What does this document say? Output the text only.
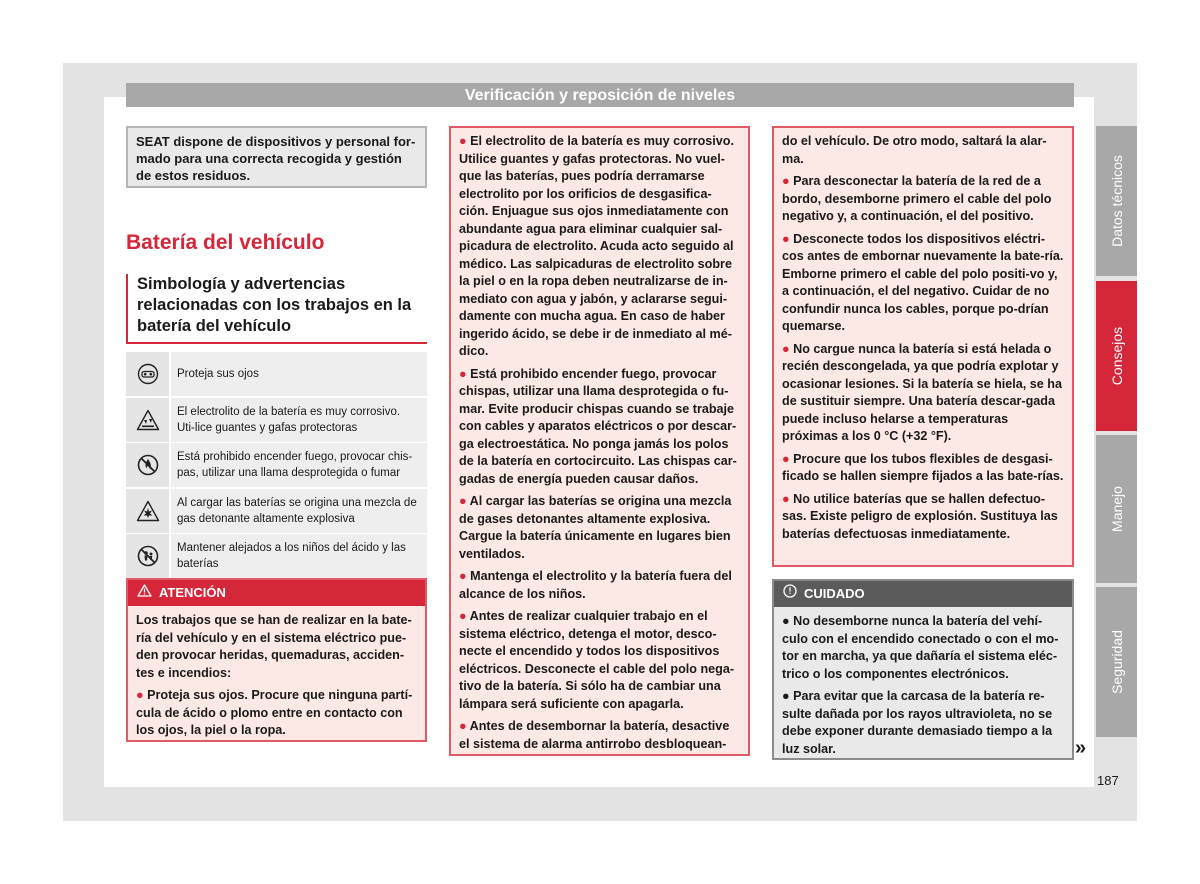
Verificación y reposición de niveles
Datos técnicos
Consejos
Manejo
Seguridad
SEAT dispone de dispositivos y personal for-mado para una correcta recogida y gestión de estos residuos.
Batería del vehículo
Simbología y advertencias relacionadas con los trabajos en la batería del vehículo
Proteja sus ojos
El electrolito de la batería es muy corrosivo. Uti-lice guantes y gafas protectoras
Está prohibido encender fuego, provocar chis-pas, utilizar una llama desprotegida o fumar
Al cargar las baterías se origina una mezcla de gas detonante altamente explosiva
Mantener alejados a los niños del ácido y las baterías
ATENCIÓN

Los trabajos que se han de realizar en la bate-ría del vehículo y en el sistema eléctrico pue-den provocar heridas, quemaduras, acciden-tes e incendios:

● Proteja sus ojos. Procure que ninguna partí-cula de ácido o plomo entre en contacto con los ojos, la piel o la ropa.

● El electrolito de la batería es muy corrosivo. Utilice guantes y gafas protectoras. No vuel-que las baterías, pues podría derramarse electrolito por los orificios de desgasifica-ción. Enjuague sus ojos inmediatamente con abundante agua para eliminar cualquier sal-picadura de electrolito. Acuda acto seguido al médico. Las salpicaduras de electrolito sobre la piel o en la ropa deben neutralizarse de in-mediato con agua y jabón, y aclararse segui-damente con mucha agua. En caso de haber ingerido ácido, se debe ir de inmediato al mé-dico.

● Está prohibido encender fuego, provocar chispas, utilizar una llama desprotegida o fu-mar. Evite producir chispas cuando se trabaje con cables y aparatos eléctricos o por descar-ga electroestática. No ponga jamás los polos de la batería en cortocircuito. Las chispas car-gadas de energía pueden causar daños.

● Al cargar las baterías se origina una mezcla de gases detonantes altamente explosiva. Cargue la batería únicamente en lugares bien ventilados.

● Mantenga el electrolito y la batería fuera del alcance de los niños.

● Antes de realizar cualquier trabajo en el sistema eléctrico, detenga el motor, desco-necte el encendido y todos los dispositivos eléctricos. Desconecte el cable del polo nega-tivo de la batería. Si sólo ha de cambiar una lámpara será suficiente con apagarla.

● Antes de desembornar la batería, desactive el sistema de alarma antirrobo desbloquean-

do el vehículo. De otro modo, saltará la alar-ma.

● Para desconectar la batería de la red de a bordo, desemborne primero el cable del polo negativo y, a continuación, el del positivo.

● Desconecte todos los dispositivos eléctri-cos antes de embornar nuevamente la bate-ría. Emborne primero el cable del polo positi-vo y, a continuación, el del negativo. Cuidar de no confundir nunca los cables, porque po-drían quemarse.

● No cargue nunca la batería si está helada o recién descongelada, ya que podría explotar y ocasionar lesiones. Si la batería se hiela, se ha de sustituir siempre. Una batería descar-gada puede incluso helarse a temperaturas próximas a los 0 °C (+32 °F).

● Procure que los tubos flexibles de desgasi-ficado se hallen siempre fijados a las bate-rías.

● No utilice baterías que se hallen defectuo-sas. Existe peligro de explosión. Sustituya las baterías defectuosas inmediatamente.

CUIDADO

● No desemborne nunca la batería del vehí-culo con el encendido conectado o con el mo-tor en marcha, ya que dañaría el sistema eléc-trico o los componentes electrónicos.

● Para evitar que la carcasa de la batería re-sulte dañada por los rayos ultravioleta, no se debe exponer durante demasiado tiempo a la luz solar.	»
187
